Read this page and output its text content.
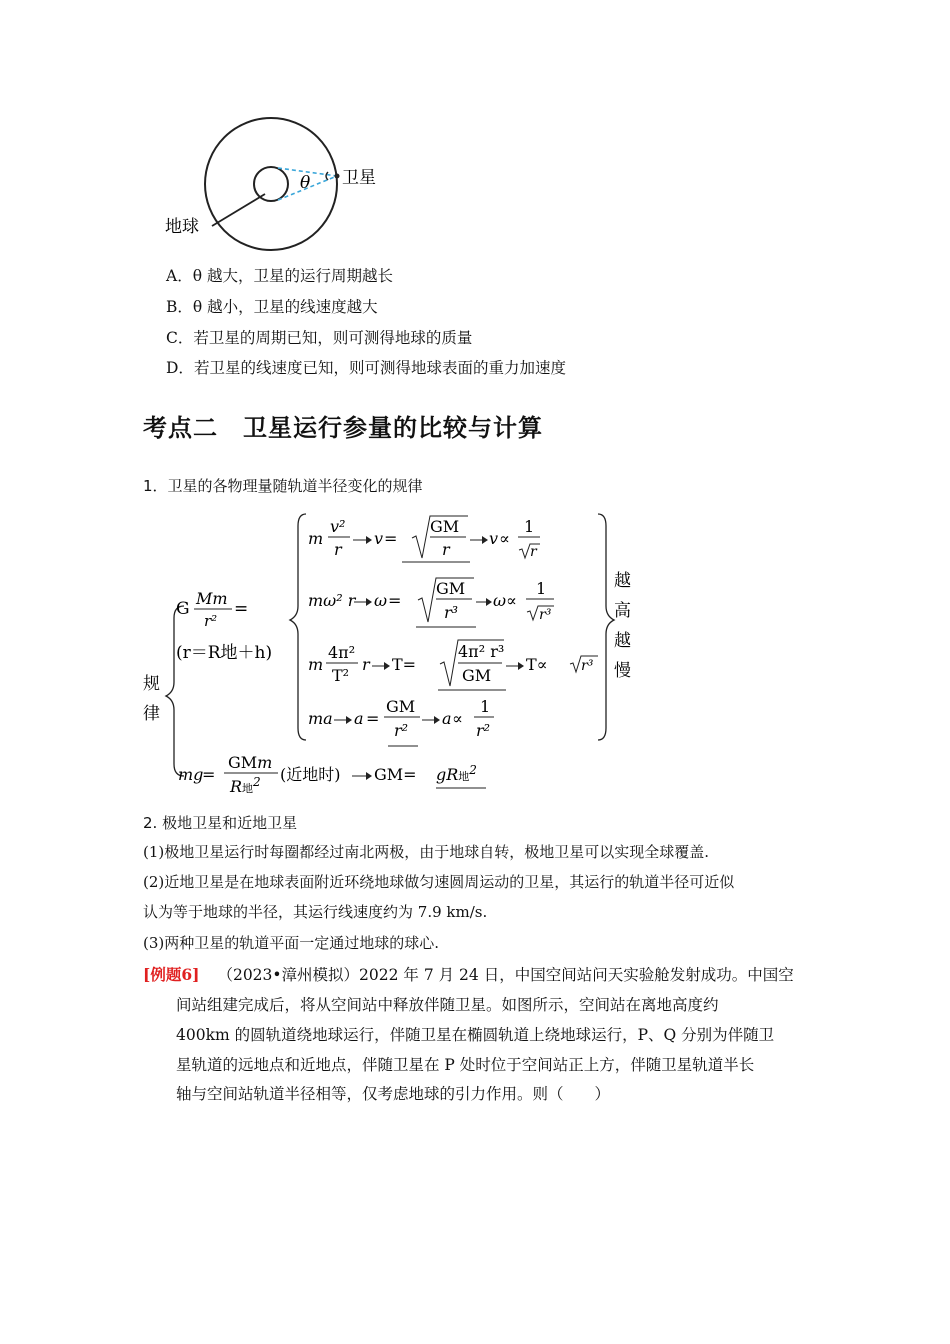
θ 卫星
地球
A．θ 越大，卫星的运行周期越长
B．θ 越小，卫星的线速度越大
C．若卫星的周期已知，则可测得地球的质量
D．若卫星的线速度已知，则可测得地球表面的重力加速度
考点二　卫星运行参量的比较与计算
1．卫星的各物理量随轨道半径变化的规律
规
律
G
Mm
r²
=
(r＝R地＋h)
m
v²
r
v =
GM
r
v ∝
1
r
mω² r ω =
GM
r³
ω ∝
1
r³
m
4π²
T²
r T=
4π² r³
GM
T∝ r³
ma a =
GM
r²
a ∝
1
r²
越
高
越
慢
mg
=
GMm
R地$^2$ (近地时) GM= gR地$^2$
2. 极地卫星和近地卫星
(1)极地卫星运行时每圈都经过南北两极，由于地球自转，极地卫星可以实现全球覆盖.
(2)近地卫星是在地球表面附近环绕地球做匀速圆周运动的卫星，其运行的轨道半径可近似
认为等于地球的半径，其运行线速度约为 7.9 km/s.
(3)两种卫星的轨道平面一定通过地球的球心.
[例题6] （2023•漳州模拟）2022 年 7 月 24 日，中国空间站问天实验舱发射成功。中国空
间站组建完成后，将从空间站中释放伴随卫星。如图所示，空间站在离地高度约
400km 的圆轨道绕地球运行，伴随卫星在椭圆轨道上绕地球运行，P、Q 分别为伴随卫
星轨道的远地点和近地点，伴随卫星在 P 处时位于空间站正上方，伴随卫星轨道半长
轴与空间站轨道半径相等，仅考虑地球的引力作用。则（　　）
